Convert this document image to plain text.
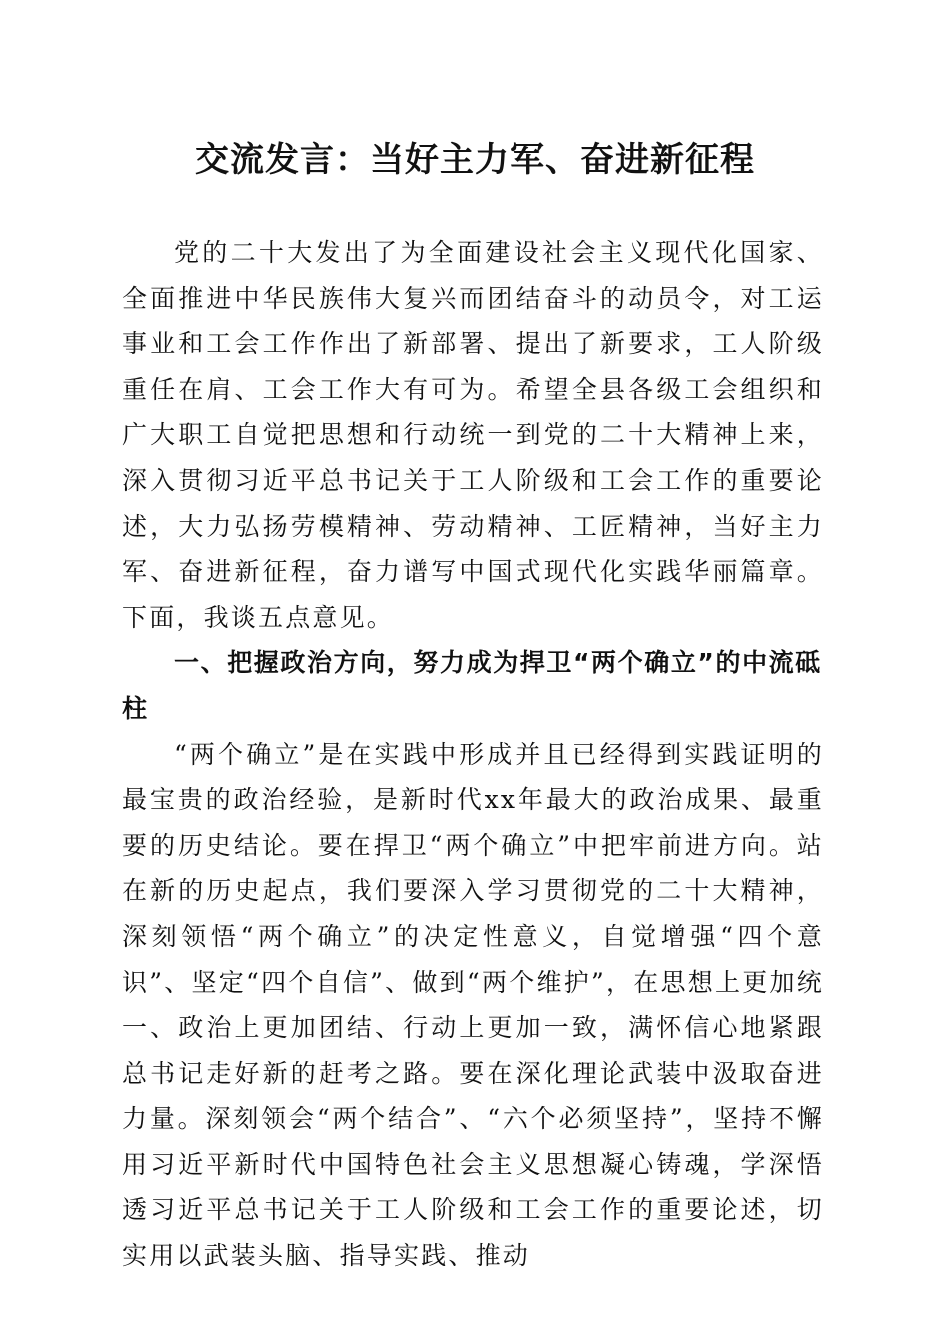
交流发言：当好主力军、奋进新征程

党的二十大发出了为全面建设社会主义现代化国家、全面推进中华民族伟大复兴而团结奋斗的动员令，对工运事业和工会工作作出了新部署、提出了新要求，工人阶级重任在肩、工会工作大有可为。希望全县各级工会组织和广大职工自觉把思想和行动统一到党的二十大精神上来，深入贯彻习近平总书记关于工人阶级和工会工作的重要论述，大力弘扬劳模精神、劳动精神、工匠精神，当好主力军、奋进新征程，奋力谱写中国式现代化实践华丽篇章。下面，我谈五点意见。

一、把握政治方向，努力成为捍卫“两个确立”的中流砥柱

“两个确立”是在实践中形成并且已经得到实践证明的最宝贵的政治经验，是新时代xx年最大的政治成果、最重要的历史结论。要在捍卫“两个确立”中把牢前进方向。站在新的历史起点，我们要深入学习贯彻党的二十大精神，深刻领悟“两个确立”的决定性意义，自觉增强“四个意识”、坚定“四个自信”、做到“两个维护”，在思想上更加统一、政治上更加团结、行动上更加一致，满怀信心地紧跟总书记走好新的赶考之路。要在深化理论武装中汲取奋进力量。深刻领会“两个结合”、“六个必须坚持”，坚持不懈用习近平新时代中国特色社会主义思想凝心铸魂，学深悟透习近平总书记关于工人阶级和工会工作的重要论述，切实用以武装头脑、指导实践、推动
